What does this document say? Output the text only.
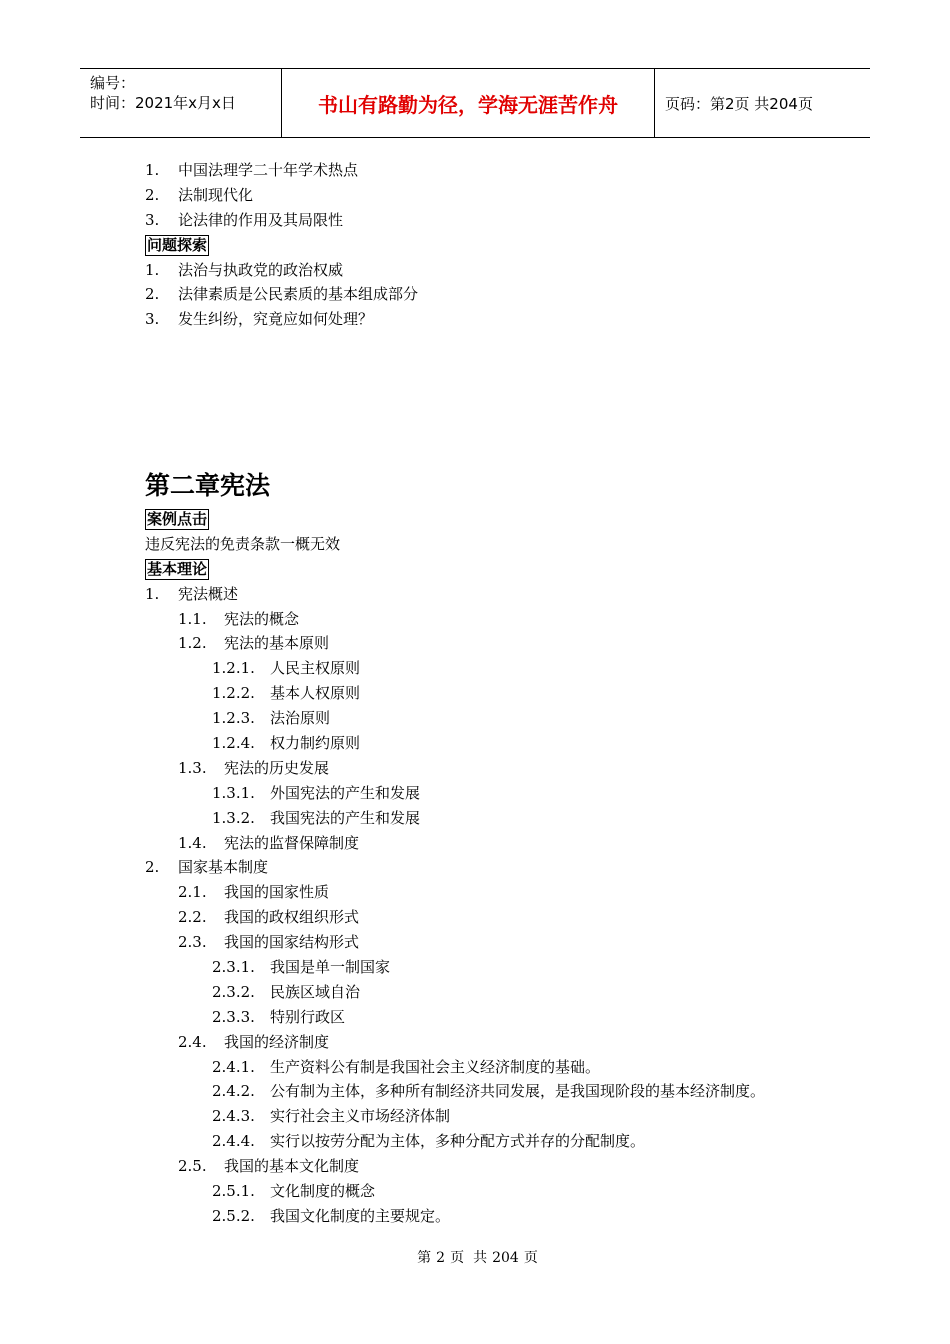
编号：
时间：2021年x月x日	书山有路勤为径，学海无涯苦作舟	页码：第2页 共204页
1. 中国法理学二十年学术热点
2. 法制现代化
3. 论法律的作用及其局限性
问题探索
1. 法治与执政党的政治权威
2. 法律素质是公民素质的基本组成部分
3. 发生纠纷，究竟应如何处理？
第二章宪法
案例点击
违反宪法的免责条款一概无效
基本理论
1. 宪法概述
1.1. 宪法的概念
1.2. 宪法的基本原则
1.2.1. 人民主权原则
1.2.2. 基本人权原则
1.2.3. 法治原则
1.2.4. 权力制约原则
1.3. 宪法的历史发展
1.3.1. 外国宪法的产生和发展
1.3.2. 我国宪法的产生和发展
1.4. 宪法的监督保障制度
2. 国家基本制度
2.1. 我国的国家性质
2.2. 我国的政权组织形式
2.3. 我国的国家结构形式
2.3.1. 我国是单一制国家
2.3.2. 民族区域自治
2.3.3. 特别行政区
2.4. 我国的经济制度
2.4.1. 生产资料公有制是我国社会主义经济制度的基础。
2.4.2. 公有制为主体，多种所有制经济共同发展，是我国现阶段的基本经济制度。
2.4.3. 实行社会主义市场经济体制
2.4.4. 实行以按劳分配为主体，多种分配方式并存的分配制度。
2.5. 我国的基本文化制度
2.5.1. 文化制度的概念
2.5.2. 我国文化制度的主要规定。
第 2 页 共 204 页
